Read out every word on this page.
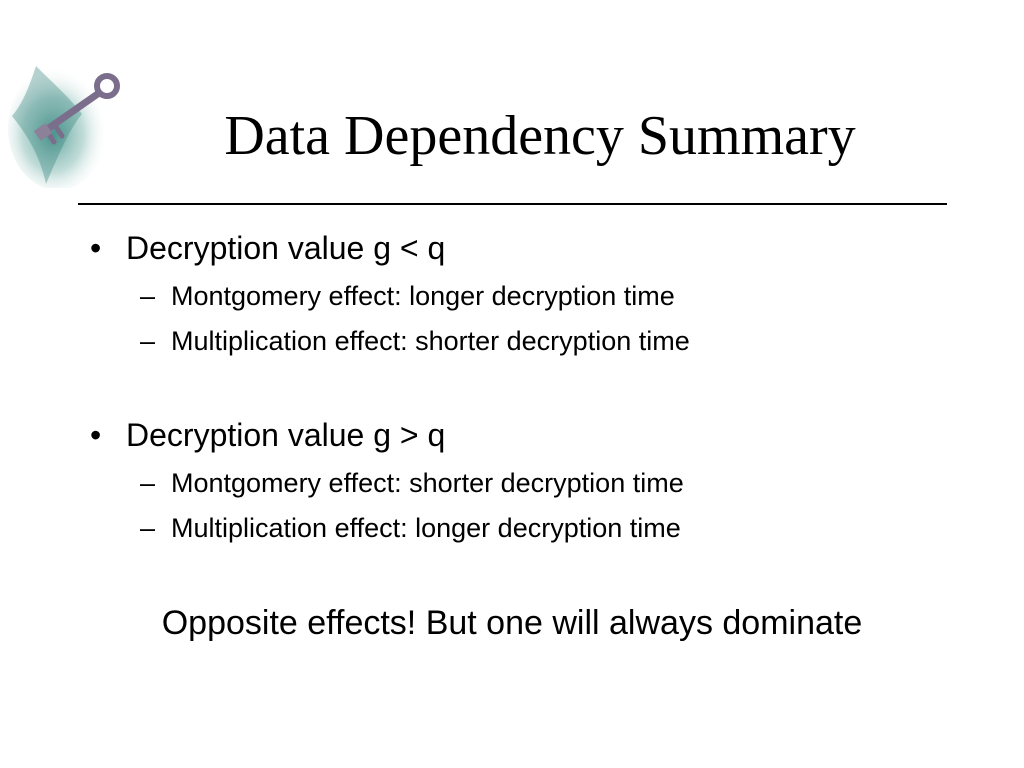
Data Dependency Summary
• Decryption value g < q
– Montgomery effect: longer decryption time
– Multiplication effect: shorter decryption time
• Decryption value g > q
– Montgomery effect: shorter decryption time
– Multiplication effect: longer decryption time
Opposite effects! But one will always dominate
